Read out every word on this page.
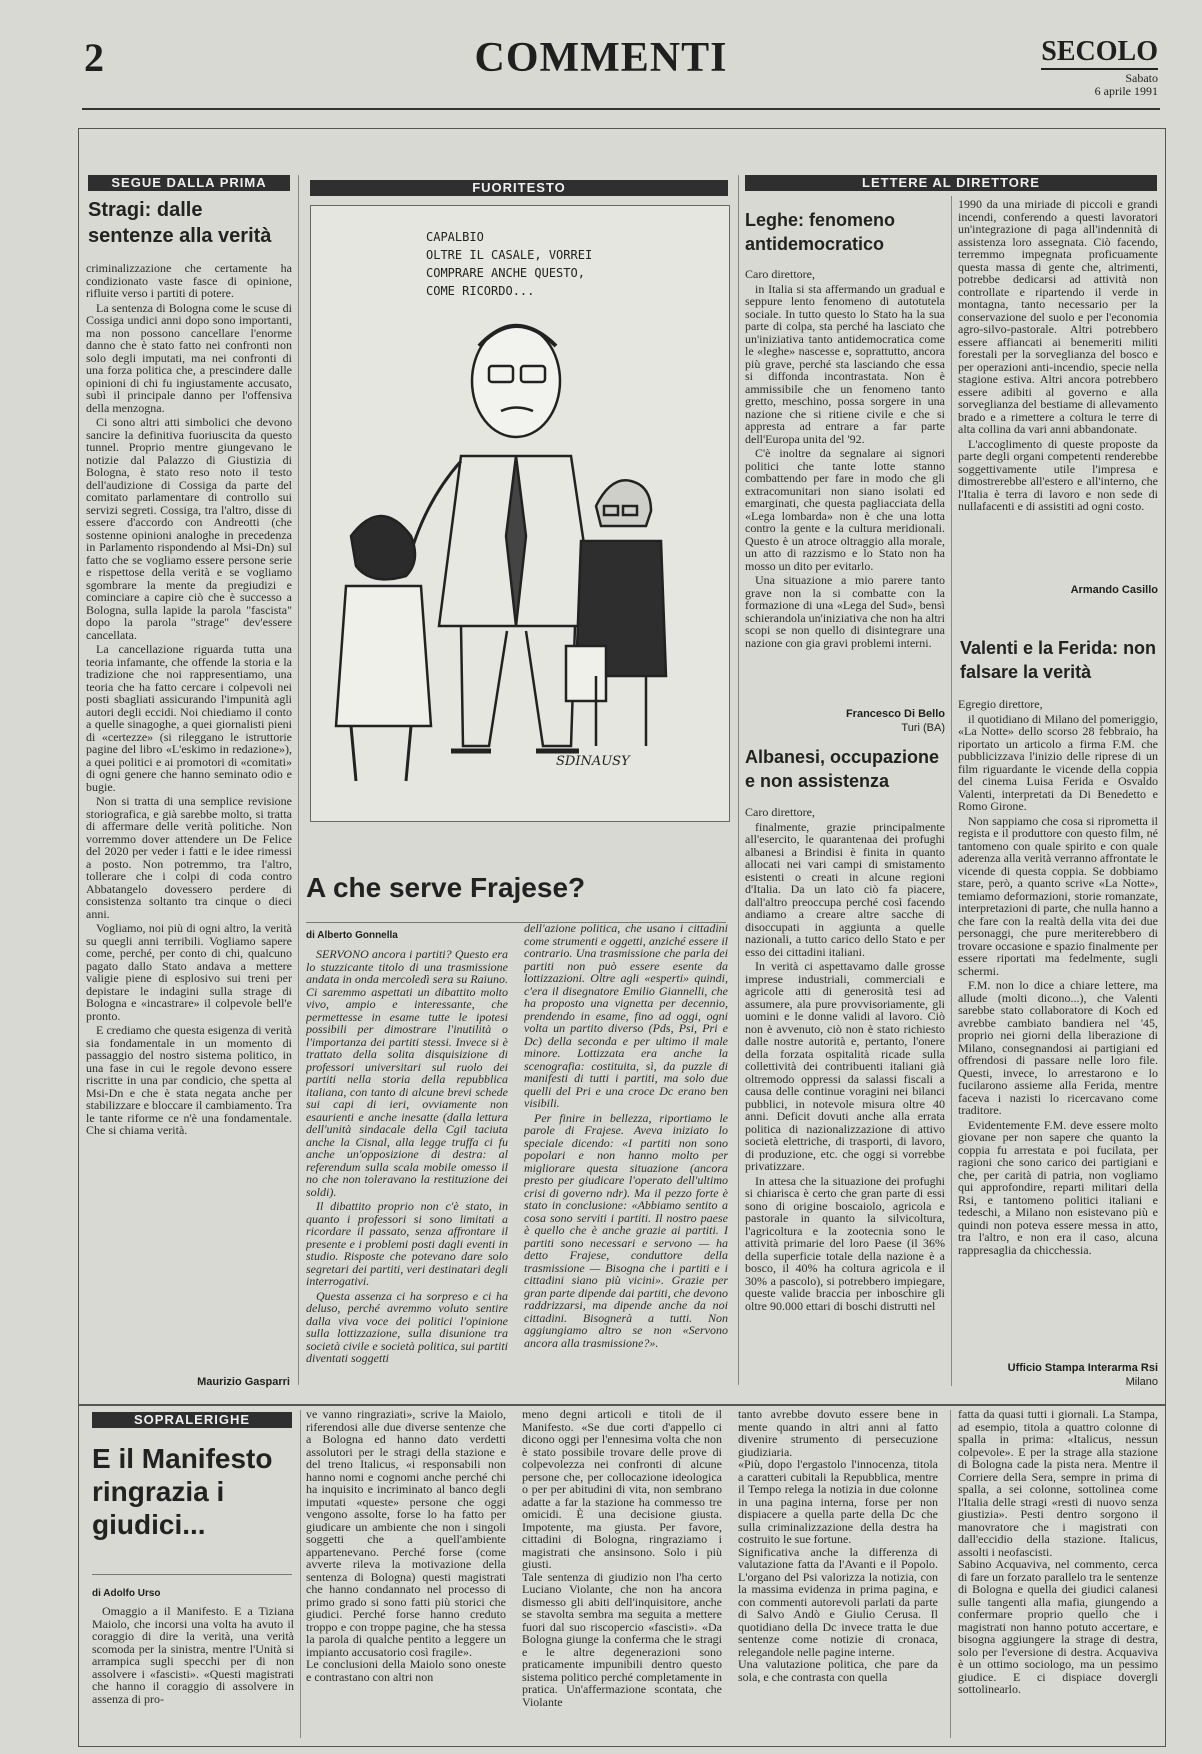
2	COMMENTI	SECOLO
Sabato
6 aprile 1991
SEGUE DALLA PRIMA
Stragi: dalle sentenze alla verità

criminalizzazione che certamente ha condizionato vaste fasce di opinione, rifluite verso i partiti di potere.

La sentenza di Bologna come le scuse di Cossiga undici anni dopo sono importanti, ma non possono cancellare l'enorme danno che è stato fatto nei confronti non solo degli imputati, ma nei confronti di una forza politica che, a prescindere dalle opinioni di chi fu ingiustamente accusato, subì il principale danno per l'offensiva della menzogna.

Ci sono altri atti simbolici che devono sancire la definitiva fuoriuscita da questo tunnel. Proprio mentre giungevano le notizie dal Palazzo di Giustizia di Bologna, è stato reso noto il testo dell'audizione di Cossiga da parte del comitato parlamentare di controllo sui servizi segreti. Cossiga, tra l'altro, disse di essere d'accordo con Andreotti (che sostenne opinioni analoghe in precedenza in Parlamento rispondendo al Msi-Dn) sul fatto che se vogliamo essere persone serie e rispettose della verità e se vogliamo sgombrare la mente da pregiudizi e cominciare a capire ciò che è successo a Bologna, sulla lapide la parola "fascista" dopo la parola "strage" dev'essere cancellata.

La cancellazione riguarda tutta una teoria infamante, che offende la storia e la tradizione che noi rappresentiamo, una teoria che ha fatto cercare i colpevoli nei posti sbagliati assicurando l'impunità agli autori degli eccidi. Noi chiediamo il conto a quelle sinagoghe, a quei giornalisti pieni di «certezze» (si rileggano le istruttorie pagine del libro «L'eskimo in redazione»), a quei politici e ai promotori di «comitati» di ogni genere che hanno seminato odio e bugie.

Non si tratta di una semplice revisione storiografica, e già sarebbe molto, si tratta di affermare delle verità politiche. Non vorremmo dover attendere un De Felice del 2020 per veder i fatti e le idee rimessi a posto. Non potremmo, tra l'altro, tollerare che i colpi di coda contro Abbatangelo dovessero perdere di consistenza soltanto tra cinque o dieci anni.

Vogliamo, noi più di ogni altro, la verità su quegli anni terribili. Vogliamo sapere come, perché, per conto di chi, qualcuno pagato dallo Stato andava a mettere valigie piene di esplosivo sui treni per depistare le indagini sulla strage di Bologna e «incastrare» il colpevole bell'e pronto.

E crediamo che questa esigenza di verità sia fondamentale in un momento di passaggio del nostro sistema politico, in una fase in cui le regole devono essere riscritte in una par condicio, che spetta al Msi-Dn e che è stata negata anche per stabilizzare e bloccare il cambiamento. Tra le tante riforme ce n'è una fondamentale. Che si chiama verità.

Maurizio Gasparri
FUORITESTO
CAPALBIO
OLTRE IL CASALE, VORREI
COMPRARE ANCHE QUESTO,
COME RICORDO...
SDINAUSY
A che serve Frajese?
di Alberto Gonnella

SERVONO ancora i partiti? Questo era lo stuzzicante titolo di una trasmissione andata in onda mercoledì sera su Raiuno. Ci saremmo aspettati un dibattito molto vivo, ampio e interessante, che permettesse in esame tutte le ipotesi possibili per dimostrare l'inutilità o l'importanza dei partiti stessi. Invece si è trattato della solita disquisizione di professori universitari sul ruolo dei partiti nella storia della repubblica italiana, con tanto di alcune brevi schede sui capi di ieri, ovviamente non esaurienti e anche inesatte (dalla lettura dell'unità sindacale della Cgil taciuta anche la Cisnal, alla legge truffa ci fu anche un'opposizione di destra: al referendum sulla scala mobile omesso il no che non toleravano la restituzione dei soldi).

Il dibattito proprio non c'è stato, in quanto i professori si sono limitati a ricordare il passato, senza affrontare il presente e i problemi posti dagli eventi in studio. Risposte che potevano dare solo segretari dei partiti, veri destinatari degli interrogativi.

Questa assenza ci ha sorpreso e ci ha deluso, perché avremmo voluto sentire dalla viva voce dei politici l'opinione sulla lottizzazione, sulla disunione tra società civile e società politica, sui partiti diventati soggetti

dell'azione politica, che usano i cittadini come strumenti e oggetti, anziché essere il contrario. Una trasmissione che parla dei partiti non può essere esente da lottizzazioni. Oltre agli «esperti» quindi, c'era il disegnatore Emilio Giannelli, che ha proposto una vignetta per decennio, prendendo in esame, fino ad oggi, ogni volta un partito diverso (Pds, Psi, Pri e Dc) della seconda e per ultimo il male minore. Lottizzata era anche la scenografia: costituita, sì, da puzzle di manifesti di tutti i partiti, ma solo due quelli del Pri e una croce Dc erano ben visibili.

Per finire in bellezza, riportiamo le parole di Frajese. Aveva iniziato lo speciale dicendo: «I partiti non sono popolari e non hanno molto per migliorare questa situazione (ancora presto per giudicare l'operato dell'ultimo crisi di governo ndr). Ma il pezzo forte è stato in conclusione: «Abbiamo sentito a cosa sono serviti i partiti. Il nostro paese è quello che è anche grazie ai partiti. I partiti sono necessari e servono — ha detto Frajese, conduttore della trasmissione — Bisogna che i partiti e i cittadini siano più vicini». Grazie per gran parte dipende dai partiti, che devono raddrizzarsi, ma dipende anche da noi cittadini. Bisognerà a tutti. Non aggiungiamo altro se non «Servono ancora alla trasmissione?».

LETTERE AL DIRETTORE
Leghe: fenomeno antidemocratico

Caro direttore,

in Italia si sta affermando un gradual e seppure lento fenomeno di autotutela sociale. In tutto questo lo Stato ha la sua parte di colpa, sta perché ha lasciato che un'iniziativa tanto antidemocratica come le «leghe» nascesse e, soprattutto, ancora più grave, perché sta lasciando che essa si diffonda incontrastata. Non è ammissibile che un fenomeno tanto gretto, meschino, possa sorgere in una nazione che si ritiene civile e che si appresta ad entrare a far parte dell'Europa unita del '92.

C'è inoltre da segnalare ai signori politici che tante lotte stanno combattendo per fare in modo che gli extracomunitari non siano isolati ed emarginati, che questa pagliacciata della «Lega lombarda» non è che una lotta contro la gente e la cultura meridionali. Questo è un atroce oltraggio alla morale, un atto di razzismo e lo Stato non ha mosso un dito per evitarlo.

Una situazione a mio parere tanto grave non la si combatte con la formazione di una «Lega del Sud», bensì schierandola un'iniziativa che non ha altri scopi se non quello di disintegrare una nazione con gia gravi problemi interni.

Francesco Di Bello
Turi (BA)
Albanesi, occupazione e non assistenza

Caro direttore,

finalmente, grazie principalmente all'esercito, le quarantenaa dei profughi albanesi a Brindisi è finita in quanto allocati nei vari campi di smistamento esistenti o creati in alcune regioni d'Italia. Da un lato ciò fa piacere, dall'altro preoccupa perché così facendo andiamo a creare altre sacche di disoccupati in aggiunta a quelle nazionali, a tutto carico dello Stato e per esso dei cittadini italiani.

In verità ci aspettavamo dalle grosse imprese industriali, commerciali e agricole atti di generosità tesi ad assumere, ala pure provvisoriamente, gli uomini e le donne validi al lavoro. Ciò non è avvenuto, ciò non è stato richiesto dalle nostre autorità e, pertanto, l'onere della forzata ospitalità ricade sulla collettività dei contribuenti italiani già oltremodo oppressi da salassi fiscali a causa delle continue voragini nei bilanci pubblici, in notevole misura oltre 40 anni. Deficit dovuti anche alla errata politica di nazionalizzazione di attivo società elettriche, di trasporti, di lavoro, di produzione, etc. che oggi si vorrebbe privatizzare.

In attesa che la situazione dei profughi si chiarisca è certo che gran parte di essi sono di origine boscaiolo, agricola e pastorale in quanto la silvicoltura, l'agricoltura e la zootecnia sono le attività primarie del loro Paese (il 36% della superficie totale della nazione è a bosco, il 40% ha coltura agricola e il 30% a pascolo), si potrebbero impiegare, queste valide braccia per inboschire gli oltre 90.000 ettari di boschi distrutti nel

1990 da una miriade di piccoli e grandi incendi, conferendo a questi lavoratori un'integrazione di paga all'indennità di assistenza loro assegnata. Ciò facendo, terremmo impegnata proficuamente questa massa di gente che, altrimenti, potrebbe dedicarsi ad attività non controllate e ripartendo il verde in montagna, tanto necessario per la conservazione del suolo e per l'economia agro-silvo-pastorale. Altri potrebbero essere affiancati ai benemeriti militi forestali per la sorveglianza del bosco e per operazioni anti-incendio, specie nella stagione estiva. Altri ancora potrebbero essere adibiti al governo e alla sorveglianza del bestiame di allevamento brado e a rimettere a coltura le terre di alta collina da vari anni abbandonate.

L'accoglimento di queste proposte da parte degli organi competenti renderebbe soggettivamente utile l'impresa e dimostrerebbe all'estero e all'interno, che l'Italia è terra di lavoro e non sede di nullafacenti e di assistiti ad ogni costo.

Armando Casillo
Valenti e la Ferida: non falsare la verità

Egregio direttore,

il quotidiano di Milano del pomeriggio, «La Notte» dello scorso 28 febbraio, ha riportato un articolo a firma F.M. che pubblicizzava l'inizio delle riprese di un film riguardante le vicende della coppia del cinema Luisa Ferida e Osvaldo Valenti, interpretati da Di Benedetto e Romo Girone.

Non sappiamo che cosa si riprometta il regista e il produttore con questo film, né tantomeno con quale spirito e con quale aderenza alla verità verranno affrontate le vicende di questa coppia. Se dobbiamo stare, però, a quanto scrive «La Notte», temiamo deformazioni, storie romanzate, interpretazioni di parte, che nulla hanno a che fare con la realtà della vita dei due personaggi, che pure meriterebbero di trovare occasione e spazio finalmente per essere riportati ma fedelmente, sugli schermi.

F.M. non lo dice a chiare lettere, ma allude (molti dicono...), che Valenti sarebbe stato collaboratore di Koch ed avrebbe cambiato bandiera nel '45, proprio nei giorni della liberazione di Milano, consegnandosi ai partigiani ed offrendosi di passare nelle loro file. Questi, invece, lo arrestarono e lo fucilarono assieme alla Ferida, mentre faceva i nazisti lo ricercavano come traditore.

Evidentemente F.M. deve essere molto giovane per non sapere che quanto la coppia fu arrestata e poi fucilata, per ragioni che sono carico dei partigiani e che, per carità di patria, non vogliamo qui approfondire, reparti militari della Rsi, e tantomeno politici italiani e tedeschi, a Milano non esistevano più e quindi non poteva essere messa in atto, tra l'altro, e non era il caso, alcuna rappresaglia da chicchessia.

Ufficio Stampa Interarma Rsi
Milano
SOPRALERIGHE
E il Manifesto ringrazia i giudici...
di Adolfo Urso

Omaggio a il Manifesto. E a Tiziana Maiolo, che incorsi una volta ha avuto il coraggio di dire la verità, una verità scomoda per la sinistra, mentre l'Unità si arrampica sugli specchi per di non assolvere i «fascisti». «Questi magistrati che hanno il coraggio di assolvere in assenza di pro-

ve vanno ringraziati», scrive la Maiolo, riferendosi alle due diverse sentenze che a Bologna ed hanno dato verdetti assolutori per le stragi della stazione e del treno Italicus, «i responsabili non hanno nomi e cognomi anche perché chi ha inquisito e incriminato al banco degli imputati «queste» persone che oggi vengono assolte, forse lo ha fatto per giudicare un ambiente che non i singoli soggetti che a quell'ambiente appartenevano. Perché forse (come avverte rileva la motivazione della sentenza di Bologna) questi magistrati che hanno condannato nel processo di primo grado si sono fatti più storici che giudici. Perché forse hanno creduto troppo e con troppe pagine, che ha stessa la parola di qualche pentito a leggere un impianto accusatorio così fragile».
Le conclusioni della Maiolo sono oneste e contrastano con altri non
meno degni articoli e titoli de il Manifesto. «Se due corti d'appello ci dicono oggi per l'ennesima volta che non è stato possibile trovare delle prove di colpevolezza nei confronti di alcune persone che, per collocazione ideologica o per per abitudini di vita, non sembrano adatte a far la stazione ha commesso tre omicidi. È una decisione giusta. Impotente, ma giusta. Per favore, cittadini di Bologna, ringraziamo i magistrati che ansinsono. Solo i più giusti.
Tale sentenza di giudizio non l'ha certo Luciano Violante, che non ha ancora dismesso gli abiti dell'inquisitore, anche se stavolta sembra ma seguita a mettere fuori dal suo riscopercio «fascisti». «Da Bologna giunge la conferma che le stragi e le altre degenerazioni sono praticamente impunibili dentro questo sistema politico perché completamente in pratica. Un'affermazione scontata, che Violante
tanto avrebbe dovuto essere bene in mente quando in altri anni al fatto divenire strumento di persecuzione giudiziaria.
«Più, dopo l'ergastolo l'innocenza, titola a caratteri cubitali la Repubblica, mentre il Tempo relega la notizia in due colonne in una pagina interna, forse per non dispiacere a quella parte della Dc che sulla criminalizzazione della destra ha costruito le sue fortune.
Significativa anche la differenza di valutazione fatta da l'Avanti e il Popolo. L'organo del Psi valorizza la notizia, con la massima evidenza in prima pagina, e con commenti autorevoli parlati da parte di Salvo Andò e Giulio Cerusa. Il quotidiano della Dc invece tratta le due sentenze come notizie di cronaca, relegandole nelle pagine interne.
Una valutazione politica, che pare da sola, e che contrasta con quella
fatta da quasi tutti i giornali. La Stampa, ad esempio, titola a quattro colonne di spalla in prima: «Italicus, nessun colpevole». E per la strage alla stazione di Bologna cade la pista nera. Mentre il Corriere della Sera, sempre in prima di spalla, a sei colonne, sottolinea come l'Italia delle stragi «resti di nuovo senza giustizia». Pesti dentro sorgono il manovratore che i magistrati con dall'eccidio della stazione. Italicus, assolti i neofascisti.
Sabino Acquaviva, nel commento, cerca di fare un forzato parallelo tra le sentenze di Bologna e quella dei giudici calanesi sulle tangenti alla mafia, giungendo a confermare proprio quello che i magistrati non hanno potuto accertare, e bisogna aggiungere la strage di destra, solo per l'eversione di destra. Acquaviva è un ottimo sociologo, ma un pessimo giudice. E ci dispiace dovergli sottolinearlo.
